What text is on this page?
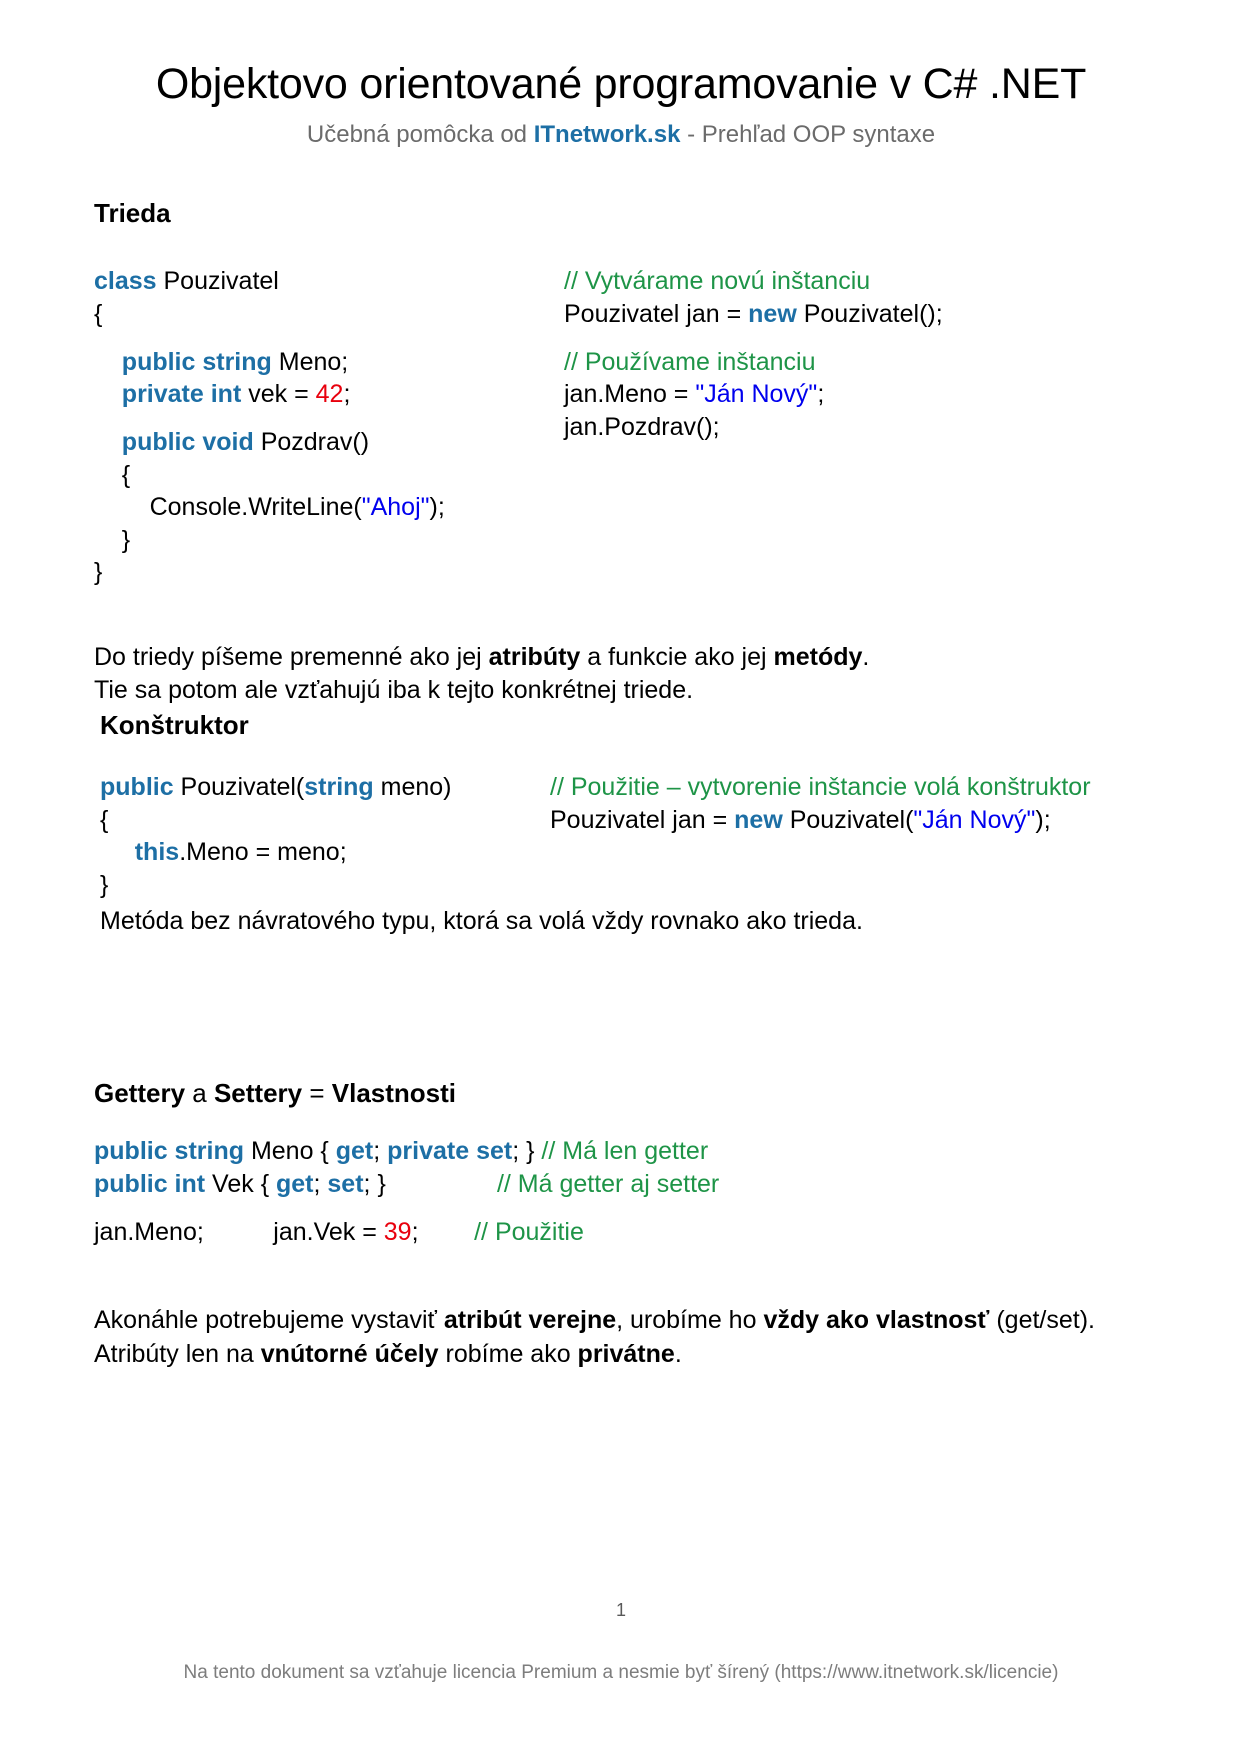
Objektovo orientované programovanie v C# .NET
Učebná pomôcka od ITnetwork.sk - Prehľad OOP syntaxe
Trieda
class Pouzivatel
{

public string Meno;
private int vek = 42;

public void Pozdrav()
{
Console.WriteLine("Ahoj");
}
}
// Vytvárame novú inštanciu
Pouzivatel jan = new Pouzivatel();

// Používame inštanciu
jan.Meno = "Ján Nový";
jan.Pozdrav();

Do triedy píšeme premenné ako jej atribúty a funkcie ako jej metódy.
Tie sa potom ale vzťahujú iba k tejto konkrétnej triede.

Konštruktor
public Pouzivatel(string meno)
{
this.Meno = meno;
}
// Použitie – vytvorenie inštancie volá konštruktor
Pouzivatel jan = new Pouzivatel("Ján Nový");

Metóda bez návratového typu, ktorá sa volá vždy rovnako ako trieda.

Gettery a Settery = Vlastnosti
public string Meno { get; private set; } // Má len getter
public int Vek { get; set; }	// Má getter aj setter

jan.Meno;	jan.Vek = 39; // Použitie

Akonáhle potrebujeme vystaviť atribút verejne, urobíme ho vždy ako vlastnosť (get/set). Atribúty len na vnútorné účely robíme ako privátne.

1
Na tento dokument sa vzťahuje licencia Premium a nesmie byť šírený (https://www.itnetwork.sk/licencie)
